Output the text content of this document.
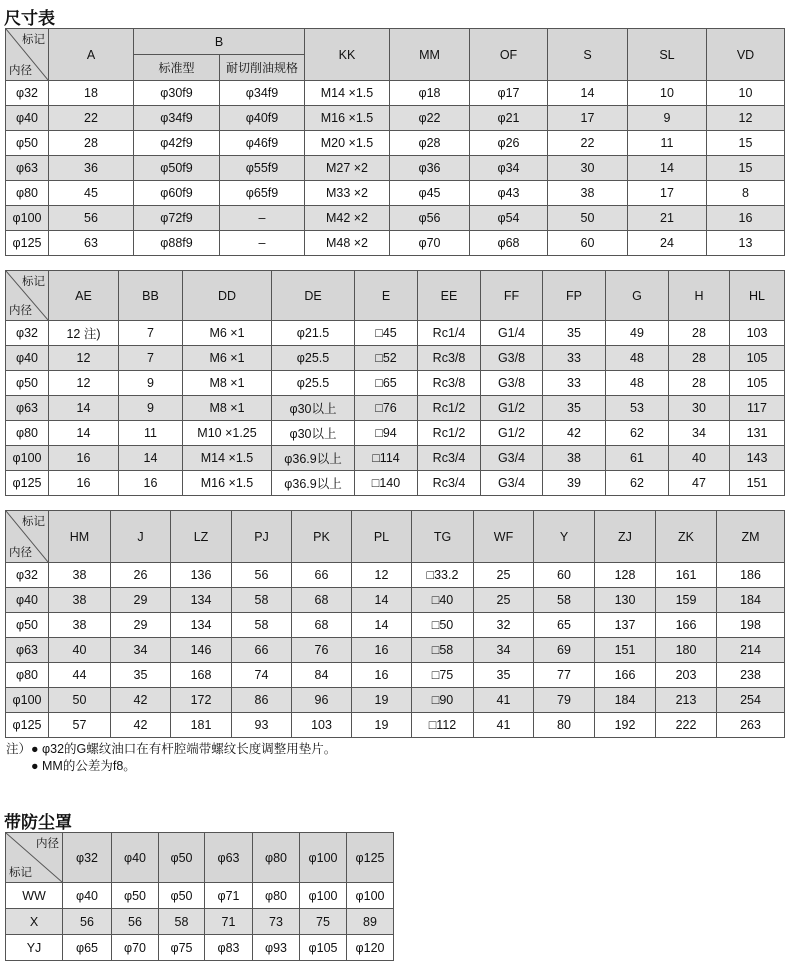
尺寸表
标记
内径	A	B		KK	MM	OF	S	SL	VD
		标准型	耐切削油规格						
φ32	18	φ30f9	φ34f9	M14 ×1.5	φ18	φ17	14	10	10
φ40	22	φ34f9	φ40f9	M16 ×1.5	φ22	φ21	17	9	12
φ50	28	φ42f9	φ46f9	M20 ×1.5	φ28	φ26	22	11	15
φ63	36	φ50f9	φ55f9	M27 ×2	φ36	φ34	30	14	15
φ80	45	φ60f9	φ65f9	M33 ×2	φ45	φ43	38	17	8
φ100	56	φ72f9	–	M42 ×2	φ56	φ54	50	21	16
φ125	63	φ88f9	–	M48 ×2	φ70	φ68	60	24	13
标记
内径	AE	BB	DD	DE	E	EE	FF	FP	G	H	HL
φ32	12 注)	7	M6 ×1	φ21.5	□45	Rc1/4	G1/4	35	49	28	103
φ40	12	7	M6 ×1	φ25.5	□52	Rc3/8	G3/8	33	48	28	105
φ50	12	9	M8 ×1	φ25.5	□65	Rc3/8	G3/8	33	48	28	105
φ63	14	9	M8 ×1	φ30以上	□76	Rc1/2	G1/2	35	53	30	117
φ80	14	11	M10 ×1.25	φ30以上	□94	Rc1/2	G1/2	42	62	34	131
φ100	16	14	M14 ×1.5	φ36.9以上	□114	Rc3/4	G3/4	38	61	40	143
φ125	16	16	M16 ×1.5	φ36.9以上	□140	Rc3/4	G3/4	39	62	47	151
标记
内径	HM	J	LZ	PJ	PK	PL	TG	WF	Y	ZJ	ZK	ZM
φ32	38	26	136	56	66	12	□33.2	25	60	128	161	186
φ40	38	29	134	58	68	14	□40	25	58	130	159	184
φ50	38	29	134	58	68	14	□50	32	65	137	166	198
φ63	40	34	146	66	76	16	□58	34	69	151	180	214
φ80	44	35	168	74	84	16	□75	35	77	166	203	238
φ100	50	42	172	86	96	19	□90	41	79	184	213	254
φ125	57	42	181	93	103	19	□112	41	80	192	222	263
注）● φ32的G螺纹油口在有杆腔端带螺纹长度调整用垫片。
　　● MM的公差为f8。
带防尘罩
内径
标记	φ32	φ40	φ50	φ63	φ80	φ100	φ125
WW	φ40	φ50	φ50	φ71	φ80	φ100	φ100
X	56	56	58	71	73	75	89
YJ	φ65	φ70	φ75	φ83	φ93	φ105	φ120
